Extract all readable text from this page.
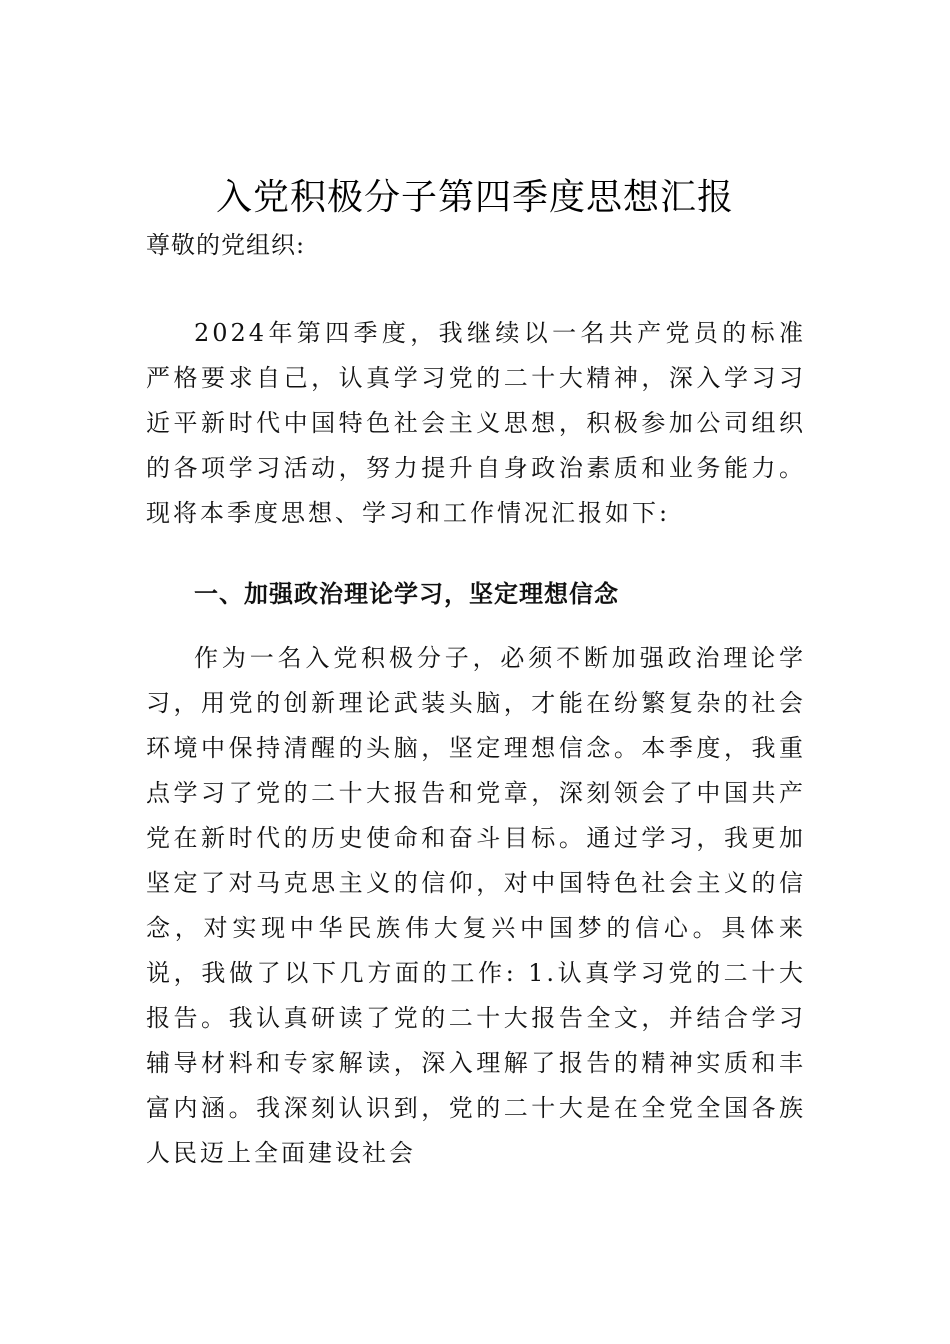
入党积极分子第四季度思想汇报
尊敬的党组织:

2024年第四季度，我继续以一名共产党员的标准严格要求自己，认真学习党的二十大精神，深入学习习近平新时代中国特色社会主义思想，积极参加公司组织的各项学习活动，努力提升自身政治素质和业务能力。现将本季度思想、学习和工作情况汇报如下:

一、加强政治理论学习，坚定理想信念

作为一名入党积极分子，必须不断加强政治理论学习，用党的创新理论武装头脑，才能在纷繁复杂的社会环境中保持清醒的头脑，坚定理想信念。本季度，我重点学习了党的二十大报告和党章，深刻领会了中国共产党在新时代的历史使命和奋斗目标。通过学习，我更加坚定了对马克思主义的信仰，对中国特色社会主义的信念，对实现中华民族伟大复兴中国梦的信心。具体来说，我做了以下几方面的工作: 1.认真学习党的二十大报告。我认真研读了党的二十大报告全文，并结合学习辅导材料和专家解读，深入理解了报告的精神实质和丰富内涵。我深刻认识到，党的二十大是在全党全国各族人民迈上全面建设社会
